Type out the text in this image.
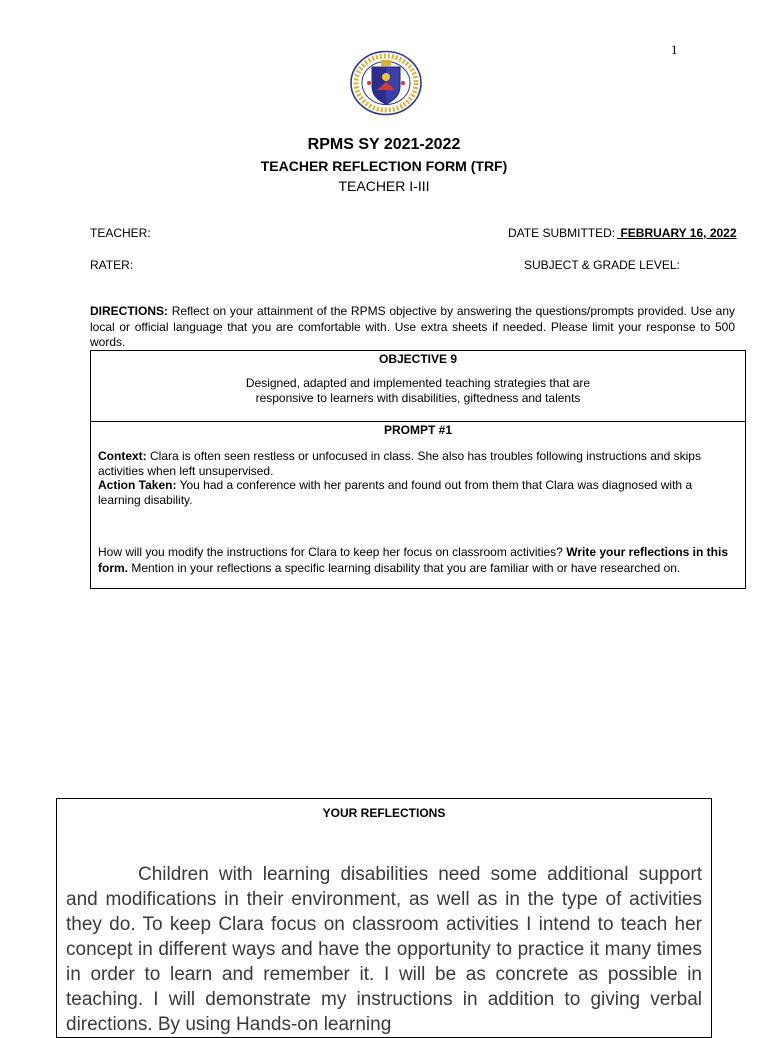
1
RPMS SY 2021-2022
TEACHER REFLECTION FORM (TRF)
TEACHER I-III
TEACHER:
RATER:
DATE SUBMITTED: FEBRUARY 16, 2022
SUBJECT & GRADE LEVEL:
DIRECTIONS: Reflect on your attainment of the RPMS objective by answering the questions/prompts provided. Use any local or official language that you are comfortable with. Use extra sheets if needed. Please limit your response to 500 words.
OBJECTIVE 9
Designed, adapted and implemented teaching strategies that are responsive to learners with disabilities, giftedness and talents
PROMPT #1
Context: Clara is often seen restless or unfocused in class. She also has troubles following instructions and skips activities when left unsupervised.
Action Taken: You had a conference with her parents and found out from them that Clara was diagnosed with a learning disability.
How will you modify the instructions for Clara to keep her focus on classroom activities? Write your reflections in this form. Mention in your reflections a specific learning disability that you are familiar with or have researched on.
YOUR REFLECTIONS
Children with learning disabilities need some additional support and modifications in their environment, as well as in the type of activities they do. To keep Clara focus on classroom activities I intend to teach her concept in different ways and have the opportunity to practice it many times in order to learn and remember it. I will be as concrete as possible in teaching. I will demonstrate my instructions in addition to giving verbal directions. By using Hands-on learning
